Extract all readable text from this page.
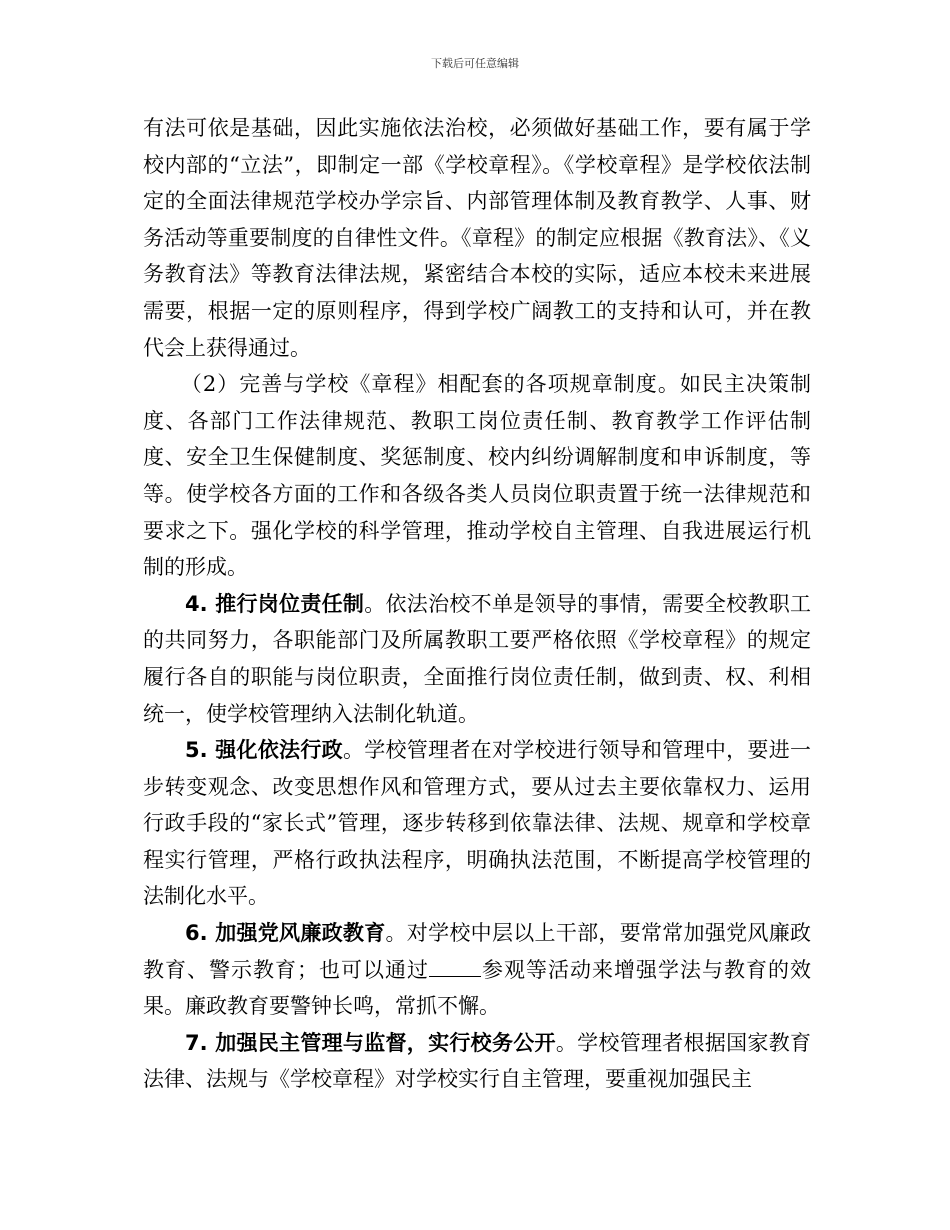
下载后可任意编辑

有法可依是基础，因此实施依法治校，必须做好基础工作，要有属于学校内部的“立法”，即制定一部《学校章程》。《学校章程》是学校依法制定的全面法律规范学校办学宗旨、内部管理体制及教育教学、人事、财务活动等重要制度的自律性文件。《章程》的制定应根据《教育法》、《义务教育法》等教育法律法规，紧密结合本校的实际，适应本校未来进展需要，根据一定的原则程序，得到学校广阔教工的支持和认可，并在教代会上获得通过。

（2）完善与学校《章程》相配套的各项规章制度。如民主决策制度、各部门工作法律规范、教职工岗位责任制、教育教学工作评估制度、安全卫生保健制度、奖惩制度、校内纠纷调解制度和申诉制度，等等。使学校各方面的工作和各级各类人员岗位职责置于统一法律规范和要求之下。强化学校的科学管理，推动学校自主管理、自我进展运行机制的形成。

4. 推行岗位责任制。依法治校不单是领导的事情，需要全校教职工的共同努力，各职能部门及所属教职工要严格依照《学校章程》的规定履行各自的职能与岗位职责，全面推行岗位责任制，做到责、权、利相统一，使学校管理纳入法制化轨道。

5. 强化依法行政。学校管理者在对学校进行领导和管理中，要进一步转变观念、改变思想作风和管理方式，要从过去主要依靠权力、运用行政手段的“家长式”管理，逐步转移到依靠法律、法规、规章和学校章程实行管理，严格行政执法程序，明确执法范围，不断提高学校管理的法制化水平。

6. 加强党风廉政教育。对学校中层以上干部，要常常加强党风廉政教育、警示教育；也可以通过 参观等活动来增强学法与教育的效果。廉政教育要警钟长鸣，常抓不懈。

7. 加强民主管理与监督，实行校务公开。学校管理者根据国家教育法律、法规与《学校章程》对学校实行自主管理，要重视加强民主
